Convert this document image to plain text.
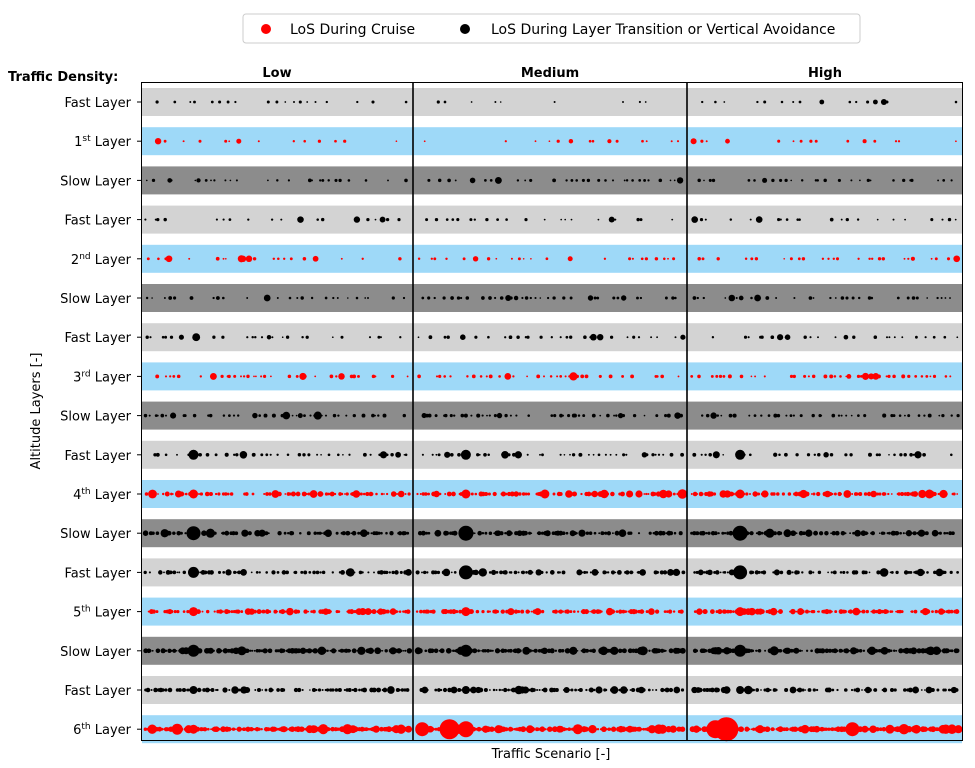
LoS During Cruise	LoS During Layer Transition or Vertical Avoidance
Traffic Density:	Low	Medium	High
Fast Layer
1st Layer
Slow Layer
Fast Layer
2nd Layer
Slow Layer
Fast Layer
3rd Layer
Slow Layer
Fast Layer
4th Layer
Slow Layer
Fast Layer
5th Layer
Slow Layer
Fast Layer
6th Layer
Traffic Scenario [-]
Altitude Layers [-]
